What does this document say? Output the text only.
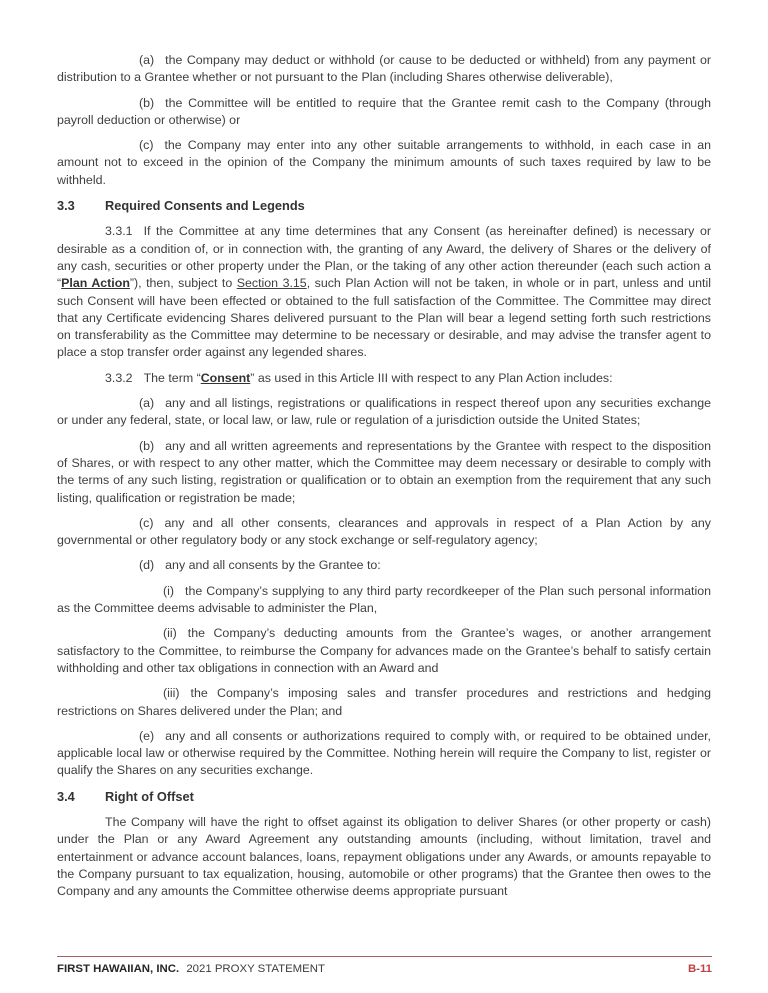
(a) the Company may deduct or withhold (or cause to be deducted or withheld) from any payment or distribution to a Grantee whether or not pursuant to the Plan (including Shares otherwise deliverable),

(b) the Committee will be entitled to require that the Grantee remit cash to the Company (through payroll deduction or otherwise) or

(c) the Company may enter into any other suitable arrangements to withhold, in each case in an amount not to exceed in the opinion of the Company the minimum amounts of such taxes required by law to be withheld.

3.3 Required Consents and Legends

3.3.1 If the Committee at any time determines that any Consent (as hereinafter defined) is necessary or desirable as a condition of, or in connection with, the granting of any Award, the delivery of Shares or the delivery of any cash, securities or other property under the Plan, or the taking of any other action thereunder (each such action a “Plan Action”), then, subject to Section 3.15, such Plan Action will not be taken, in whole or in part, unless and until such Consent will have been effected or obtained to the full satisfaction of the Committee. The Committee may direct that any Certificate evidencing Shares delivered pursuant to the Plan will bear a legend setting forth such restrictions on transferability as the Committee may determine to be necessary or desirable, and may advise the transfer agent to place a stop transfer order against any legended shares.

3.3.2 The term “Consent” as used in this Article III with respect to any Plan Action includes:

(a) any and all listings, registrations or qualifications in respect thereof upon any securities exchange or under any federal, state, or local law, or law, rule or regulation of a jurisdiction outside the United States;

(b) any and all written agreements and representations by the Grantee with respect to the disposition of Shares, or with respect to any other matter, which the Committee may deem necessary or desirable to comply with the terms of any such listing, registration or qualification or to obtain an exemption from the requirement that any such listing, qualification or registration be made;

(c) any and all other consents, clearances and approvals in respect of a Plan Action by any governmental or other regulatory body or any stock exchange or self-regulatory agency;

(d) any and all consents by the Grantee to:

(i) the Company’s supplying to any third party recordkeeper of the Plan such personal information as the Committee deems advisable to administer the Plan,

(ii) the Company’s deducting amounts from the Grantee’s wages, or another arrangement satisfactory to the Committee, to reimburse the Company for advances made on the Grantee’s behalf to satisfy certain withholding and other tax obligations in connection with an Award and

(iii) the Company’s imposing sales and transfer procedures and restrictions and hedging restrictions on Shares delivered under the Plan; and

(e) any and all consents or authorizations required to comply with, or required to be obtained under, applicable local law or otherwise required by the Committee. Nothing herein will require the Company to list, register or qualify the Shares on any securities exchange.

3.4 Right of Offset

The Company will have the right to offset against its obligation to deliver Shares (or other property or cash) under the Plan or any Award Agreement any outstanding amounts (including, without limitation, travel and entertainment or advance account balances, loans, repayment obligations under any Awards, or amounts repayable to the Company pursuant to tax equalization, housing, automobile or other programs) that the Grantee then owes to the Company and any amounts the Committee otherwise deems appropriate pursuant

FIRST HAWAIIAN, INC. 2021 PROXY STATEMENT	B-11
